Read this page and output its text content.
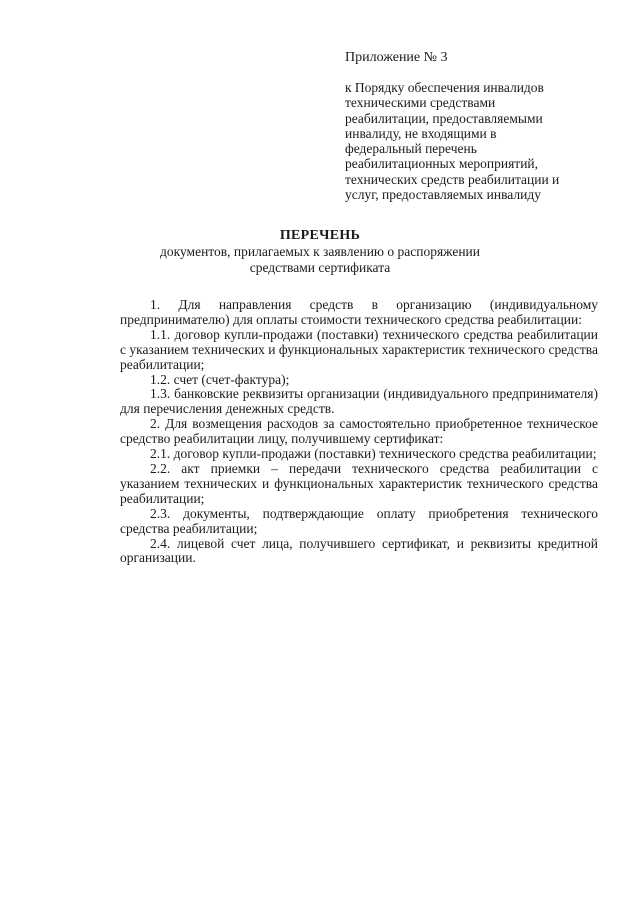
Приложение № 3
к Порядку обеспечения инвалидов
техническими средствами
реабилитации, предоставляемыми
инвалиду, не входящими в
федеральный перечень
реабилитационных мероприятий,
технических средств реабилитации и
услуг, предоставляемых инвалиду
ПЕРЕЧЕНЬ
документов, прилагаемых к заявлению о распоряжении
средствами сертификата

1. Для направления средств в организацию (индивидуальному предпринимателю) для оплаты стоимости технического средства реабилитации:

1.1. договор купли-продажи (поставки) технического средства реабилитации с указанием технических и функциональных характеристик технического средства реабилитации;

1.2. счет (счет-фактура);

1.3. банковские реквизиты организации (индивидуального предпринимателя) для перечисления денежных средств.

2. Для возмещения расходов за самостоятельно приобретенное техническое средство реабилитации лицу, получившему сертификат:

2.1. договор купли-продажи (поставки) технического средства реабилитации;

2.2. акт приемки – передачи технического средства реабилитации с указанием технических и функциональных характеристик технического средства реабилитации;

2.3. документы, подтверждающие оплату приобретения технического средства реабилитации;

2.4. лицевой счет лица, получившего сертификат, и реквизиты кредитной организации.
